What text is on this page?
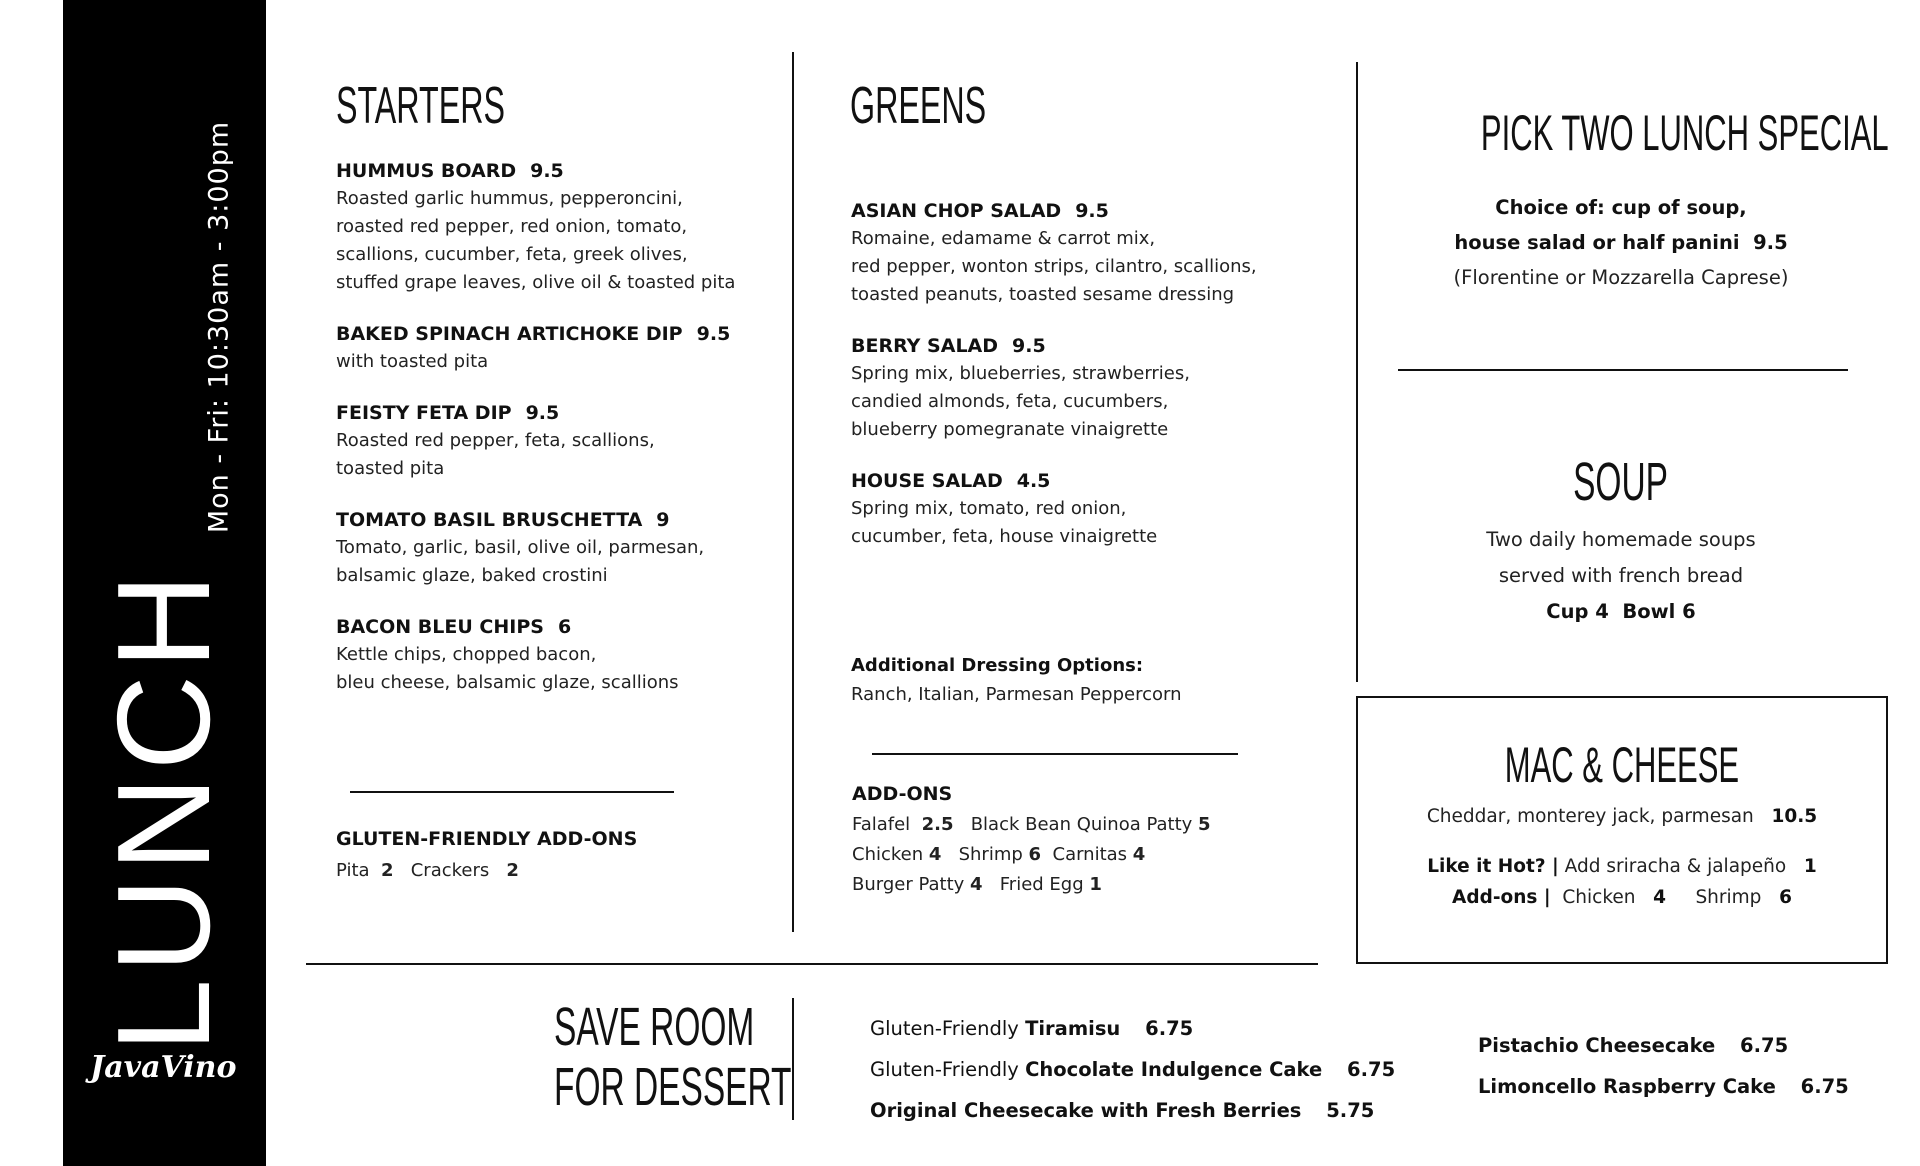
LUNCH
Mon - Fri: 10:30am - 3:00pm
JavaVino
STARTERS
HUMMUS BOARD 9.5
Roasted garlic hummus, pepperoncini,
roasted red pepper, red onion, tomato,
scallions, cucumber, feta, greek olives,
stuffed grape leaves, olive oil & toasted pita
BAKED SPINACH ARTICHOKE DIP 9.5
with toasted pita
FEISTY FETA DIP 9.5
Roasted red pepper, feta, scallions,
toasted pita
TOMATO BASIL BRUSCHETTA 9
Tomato, garlic, basil, olive oil, parmesan,
balsamic glaze, baked crostini
BACON BLEU CHIPS 6
Kettle chips, chopped bacon,
bleu cheese, balsamic glaze, scallions
GLUTEN-FRIENDLY ADD-ONS
Pita 2 Crackers 2
GREENS
ASIAN CHOP SALAD 9.5
Romaine, edamame & carrot mix,
red pepper, wonton strips, cilantro, scallions,
toasted peanuts, toasted sesame dressing
BERRY SALAD 9.5
Spring mix, blueberries, strawberries,
candied almonds, feta, cucumbers,
blueberry pomegranate vinaigrette
HOUSE SALAD 4.5
Spring mix, tomato, red onion,
cucumber, feta, house vinaigrette
Additional Dressing Options:
Ranch, Italian, Parmesan Peppercorn
ADD-ONS
Falafel 2.5 Black Bean Quinoa Patty 5
Chicken 4 Shrimp 6 Carnitas 4
Burger Patty 4 Fried Egg 1
PICK TWO LUNCH SPECIAL
Choice of: cup of soup,
house salad or half panini 9.5
(Florentine or Mozzarella Caprese)
SOUP
Two daily homemade soups
served with french bread
Cup 4 Bowl 6
MAC & CHEESE
Cheddar, monterey jack, parmesan 10.5
Like it Hot? | Add sriracha & jalapeño 1
Add-ons | Chicken 4 Shrimp 6
SAVE ROOM
FOR DESSERT
Gluten-Friendly Tiramisu 6.75
Gluten-Friendly Chocolate Indulgence Cake 6.75
Original Cheesecake with Fresh Berries 5.75
Pistachio Cheesecake 6.75
Limoncello Raspberry Cake 6.75
